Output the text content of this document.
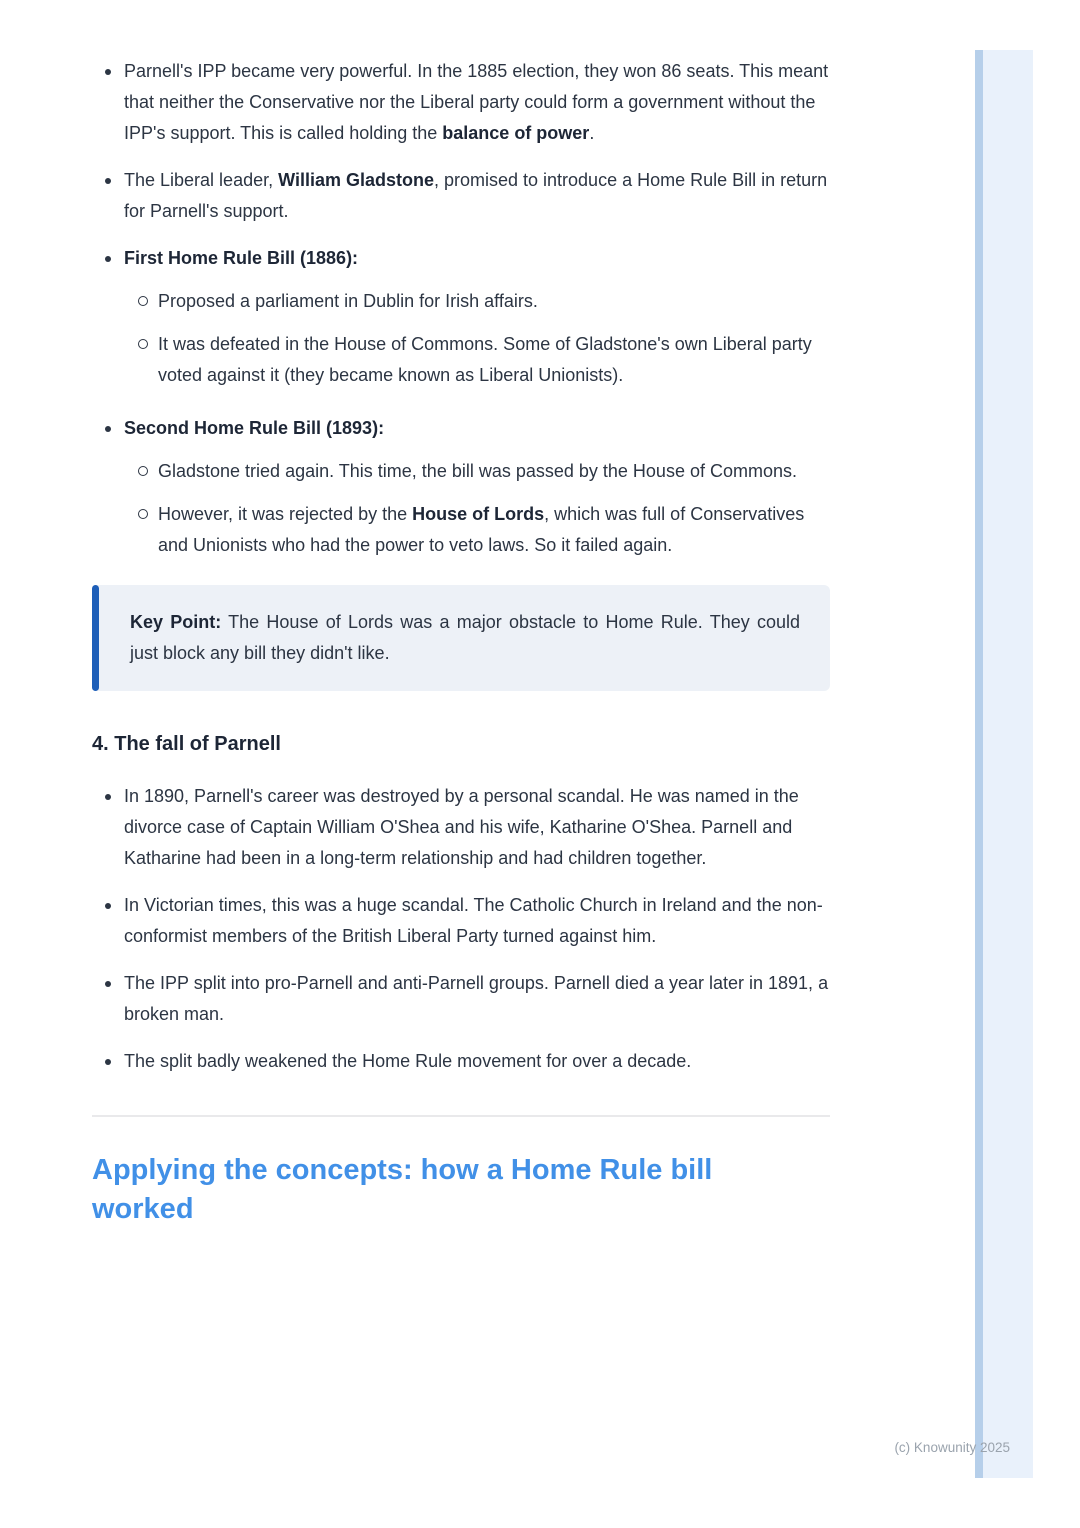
Parnell's IPP became very powerful. In the 1885 election, they won 86 seats. This meant that neither the Conservative nor the Liberal party could form a government without the IPP's support. This is called holding the balance of power.
The Liberal leader, William Gladstone, promised to introduce a Home Rule Bill in return for Parnell's support.
First Home Rule Bill (1886):
Proposed a parliament in Dublin for Irish affairs.
It was defeated in the House of Commons. Some of Gladstone's own Liberal party voted against it (they became known as Liberal Unionists).
Second Home Rule Bill (1893):
Gladstone tried again. This time, the bill was passed by the House of Commons.
However, it was rejected by the House of Lords, which was full of Conservatives and Unionists who had the power to veto laws. So it failed again.

Key Point: The House of Lords was a major obstacle to Home Rule. They could just block any bill they didn't like.

4. The fall of Parnell
In 1890, Parnell's career was destroyed by a personal scandal. He was named in the divorce case of Captain William O'Shea and his wife, Katharine O'Shea. Parnell and Katharine had been in a long-term relationship and had children together.
In Victorian times, this was a huge scandal. The Catholic Church in Ireland and the non-conformist members of the British Liberal Party turned against him.
The IPP split into pro-Parnell and anti-Parnell groups. Parnell died a year later in 1891, a broken man.
The split badly weakened the Home Rule movement for over a decade.
Applying the concepts: how a Home Rule bill
worked
(c) Knowunity 2025
